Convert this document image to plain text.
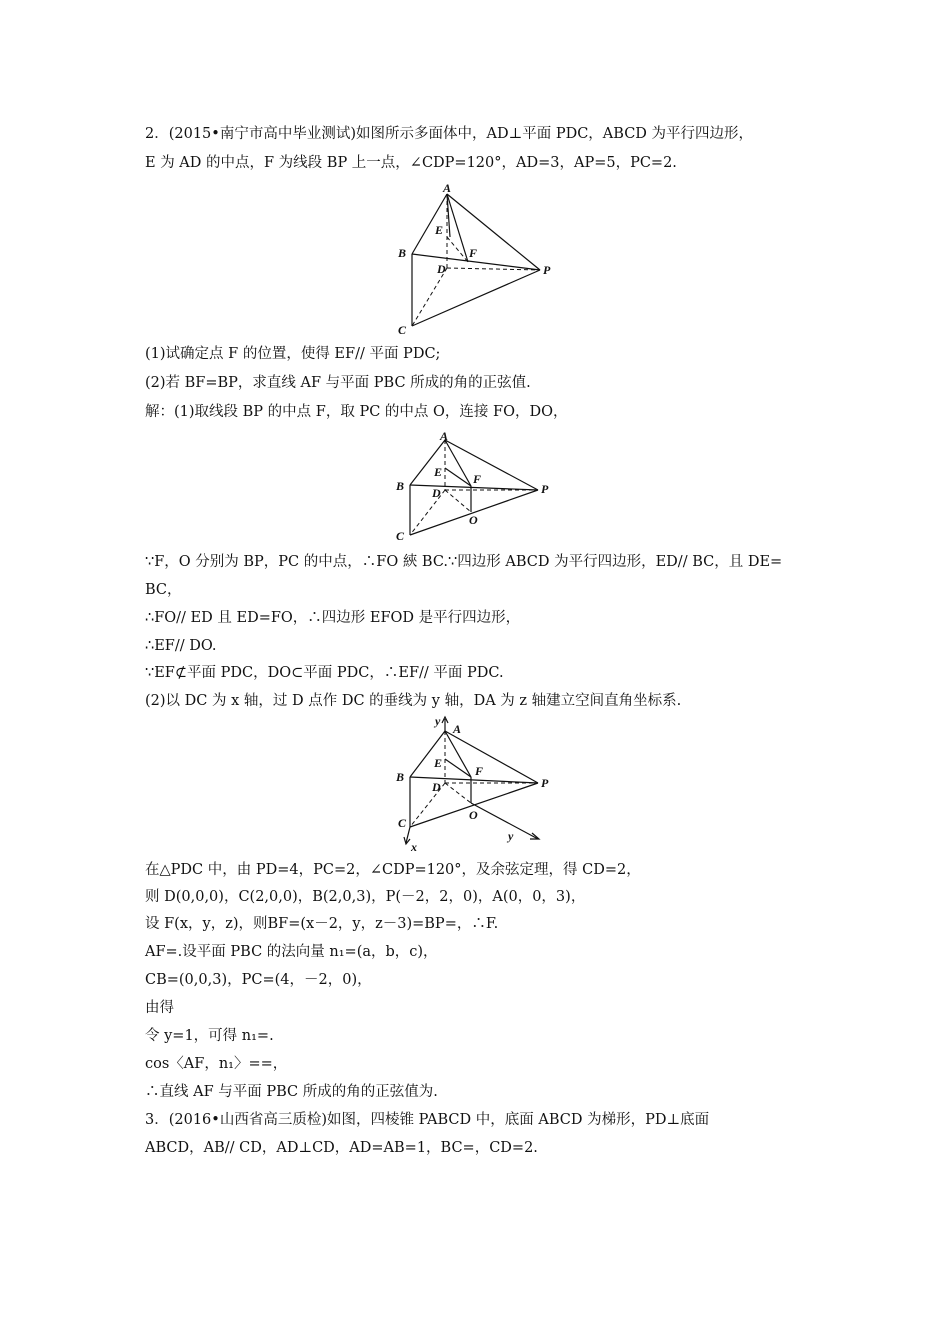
2．(2015•南宁市高中毕业测试)如图所示多面体中，AD⊥平面 PDC，ABCD 为平行四边形，
E 为 AD 的中点，F 为线段 BP 上一点，∠CDP=120°，AD=3，AP=5，PC=2.
A
E
F
B
D	P
C
(1)试确定点 F 的位置，使得 EF// 平面 PDC;
(2)若 BF=BP，求直线 AF 与平面 PBC 所成的角的正弦值.
解：(1)取线段 BP 的中点 F，取 PC 的中点 O，连接 FO，DO，
A
E	F
B D	P
O
C
∵F，O 分别为 BP，PC 的中点，∴FO 綊 BC.∵四边形 ABCD 为平行四边形，ED// BC，且 DE=
BC，
∴FO// ED 且 ED=FO，∴四边形 EFOD 是平行四边形，
∴EF// DO.
∵EF⊄平面 PDC，DO⊂平面 PDC，∴EF// 平面 PDC.
(2)以 DC 为 x 轴，过 D 点作 DC 的垂线为 y 轴，DA 为 z 轴建立空间直角坐标系.
y
A
E
F
B
D	P
O
C
x
y
在△PDC 中，由 PD=4，PC=2，∠CDP=120°，及余弦定理，得 CD=2，
则 D(0,0,0)，C(2,0,0)，B(2,0,3)，P(－2，2，0)，A(0，0，3)，
设 F(x，y，z)，则BF=(x－2，y，z－3)=BP=，∴F.
AF=.设平面 PBC 的法向量 n₁=(a，b，c)，
CB=(0,0,3)，PC=(4，－2，0)，
由得
令 y=1，可得 n₁=.
cos〈AF，n₁〉==，
∴直线 AF 与平面 PBC 所成的角的正弦值为.
3．(2016•山西省高三质检)如图，四棱锥 PABCD 中，底面 ABCD 为梯形，PD⊥底面
ABCD，AB// CD，AD⊥CD，AD=AB=1，BC=，CD=2.
